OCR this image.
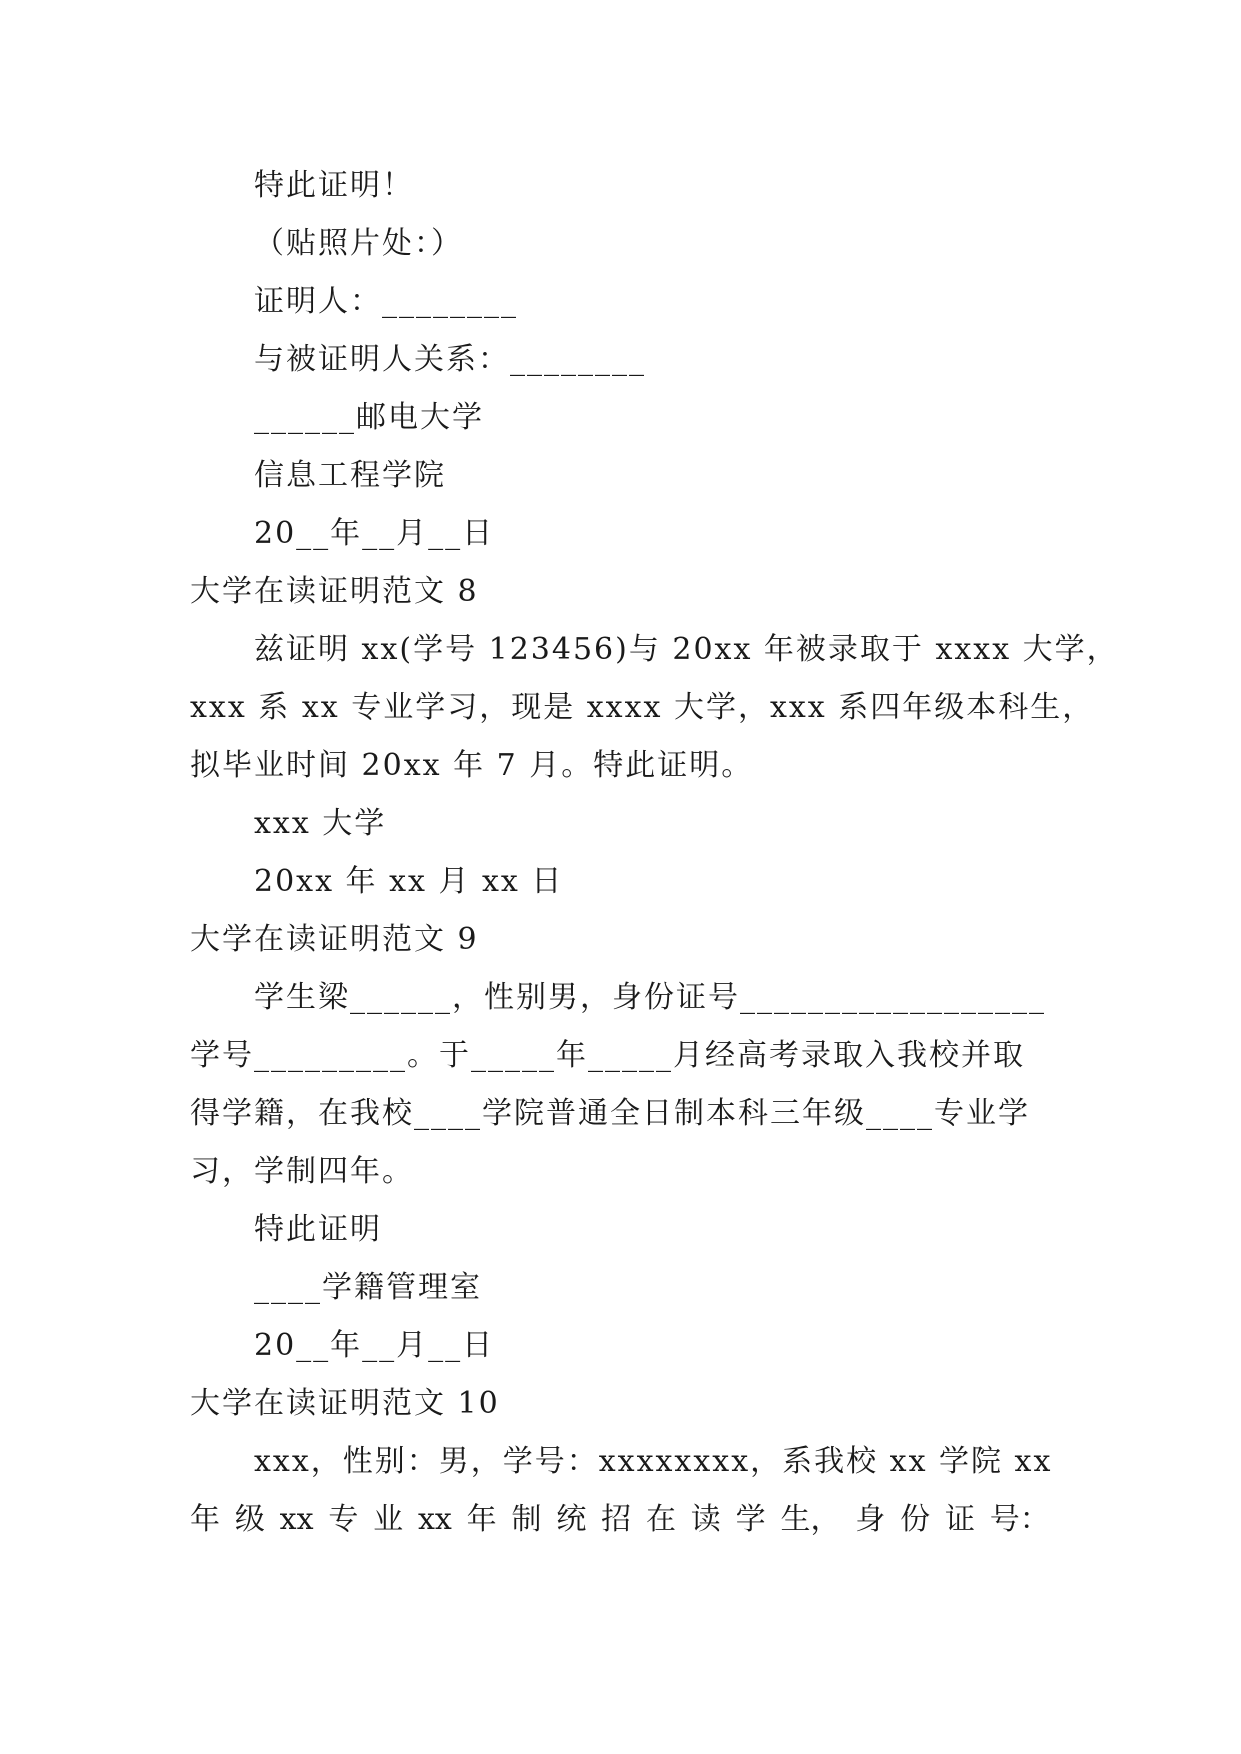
特此证明！
（贴照片处：）
证明人：________
与被证明人关系：________
______邮电大学
信息工程学院
20__年__月__日
大学在读证明范文 8
兹证明 xx(学号 123456)与 20xx 年被录取于 xxxx 大学，
xxx 系 xx 专业学习，现是 xxxx 大学，xxx 系四年级本科生，
拟毕业时间 20xx 年 7 月。特此证明。
xxx 大学
20xx 年 xx 月 xx 日
大学在读证明范文 9
学生梁______，性别男，身份证号__________________
学号_________。于_____年_____月经高考录取入我校并取
得学籍，在我校____学院普通全日制本科三年级____专业学
习，学制四年。
特此证明
____学籍管理室
20__年__月__日
大学在读证明范文 10
xxx，性别：男，学号：xxxxxxxx，系我校 xx 学院 xx
年 级 xx 专 业 xx 年 制 统 招 在 读 学 生， 身 份 证 号：
